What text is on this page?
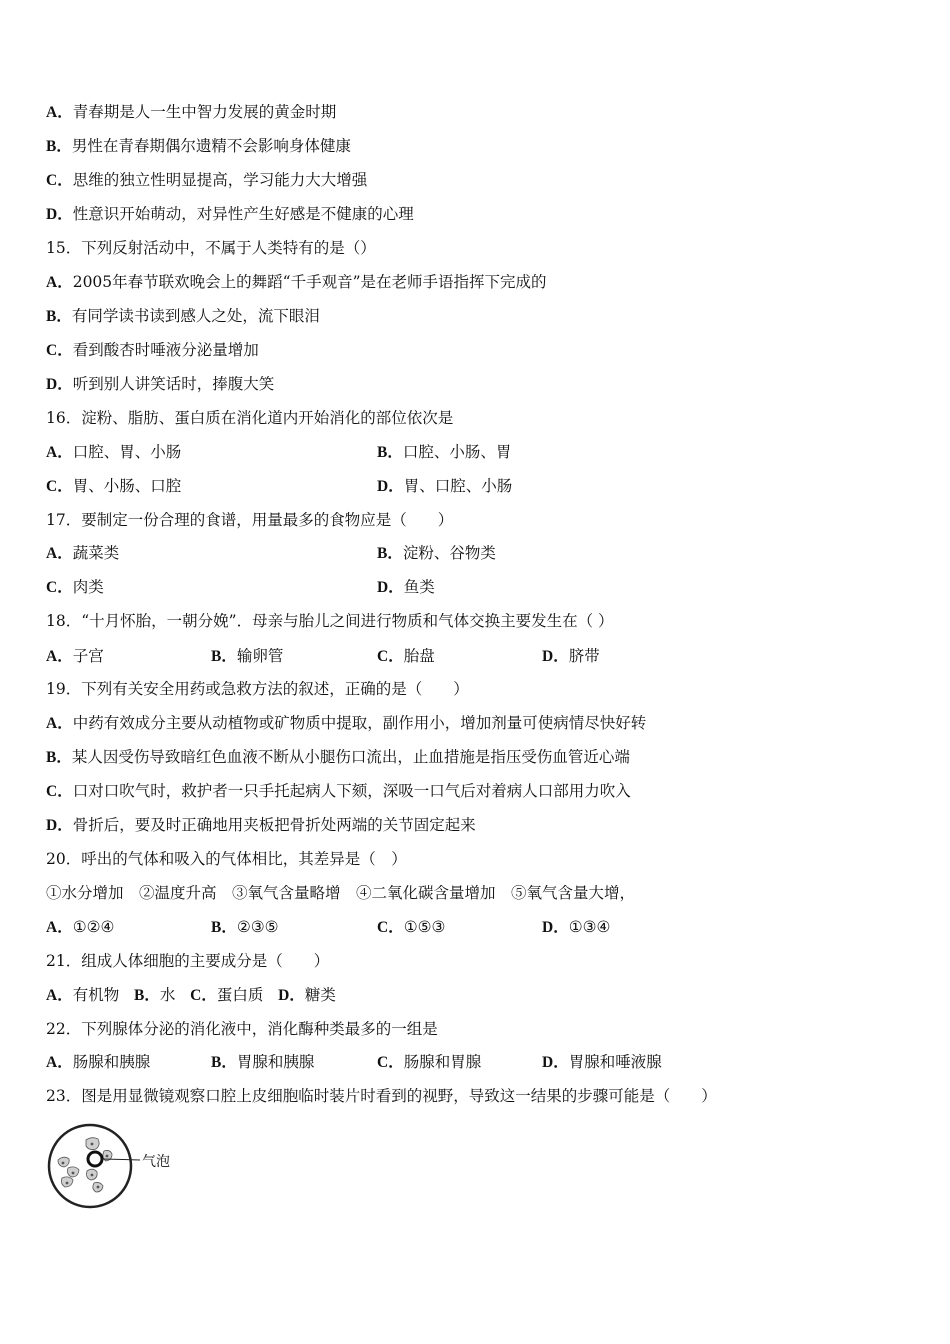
A．青春期是人一生中智力发展的黄金时期
B．男性在青春期偶尔遗精不会影响身体健康
C．思维的独立性明显提高，学习能力大大增强
D．性意识开始萌动，对异性产生好感是不健康的心理
15．下列反射活动中，不属于人类特有的是（）
A．2005年春节联欢晚会上的舞蹈“千手观音”是在老师手语指挥下完成的
B．有同学读书读到感人之处，流下眼泪
C．看到酸杏时唾液分泌量增加
D．听到别人讲笑话时，捧腹大笑
16．淀粉、脂肪、蛋白质在消化道内开始消化的部位依次是
A．口腔、胃、小肠	B．口腔、小肠、胃
C．胃、小肠、口腔	D．胃、口腔、小肠
17．要制定一份合理的食谱，用量最多的食物应是（　　）
A．蔬菜类	B．淀粉、谷物类
C．肉类	D．鱼类
18．“十月怀胎，一朝分娩”．母亲与胎儿之间进行物质和气体交换主要发生在（ ）
A．子宫	B．输卵管	C．胎盘	D．脐带
19．下列有关安全用药或急救方法的叙述，正确的是（　　）
A．中药有效成分主要从动植物或矿物质中提取，副作用小，增加剂量可使病情尽快好转
B．某人因受伤导致暗红色血液不断从小腿伤口流出，止血措施是指压受伤血管近心端
C．口对口吹气时，救护者一只手托起病人下颏，深吸一口气后对着病人口部用力吹入
D．骨折后，要及时正确地用夹板把骨折处两端的关节固定起来
20．呼出的气体和吸入的气体相比，其差异是（　）
①水分增加　②温度升高　③氧气含量略增　④二氧化碳含量增加　⑤氧气含量大增，
A．①②④	B．②③⑤	C．①⑤③	D．①③④
21．组成人体细胞的主要成分是（　　）
A．有机物 B．水 C．蛋白质 D．糖类
22．下列腺体分泌的消化液中，消化酶种类最多的一组是
A．肠腺和胰腺	B．胃腺和胰腺	C．肠腺和胃腺	D．胃腺和唾液腺
23．图是用显微镜观察口腔上皮细胞临时装片时看到的视野，导致这一结果的步骤可能是（　　）
气泡
